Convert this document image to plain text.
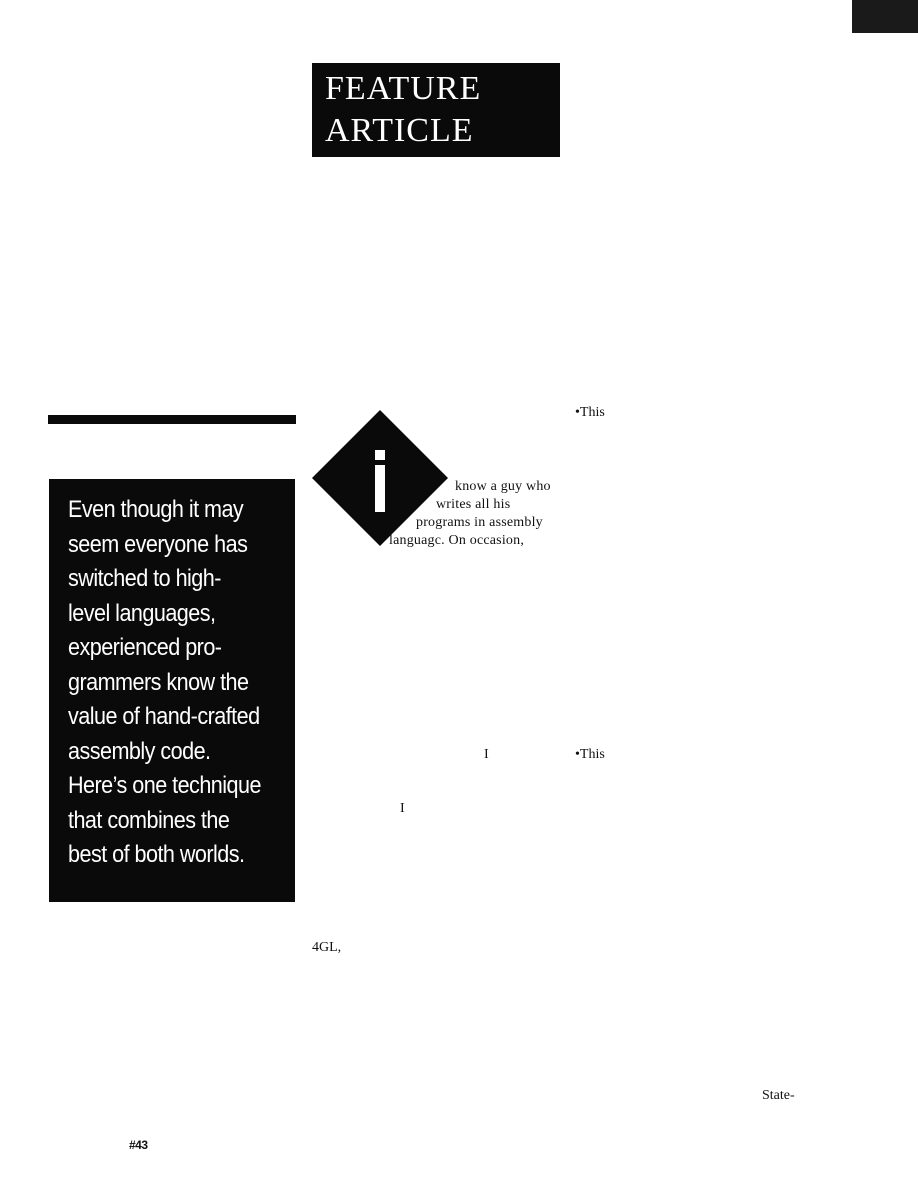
FEATURE
ARTICLE
Even though it may
seem everyone has
switched to high-
level languages,
experienced pro-
grammers know the
value of hand-crafted
assembly code.
Here’s one technique
that combines the
best of both worlds.
know a guy who
writes all his
programs in assembly
languagc. On occasion,
•This
I	•This
I
4GL,
State-
#43
